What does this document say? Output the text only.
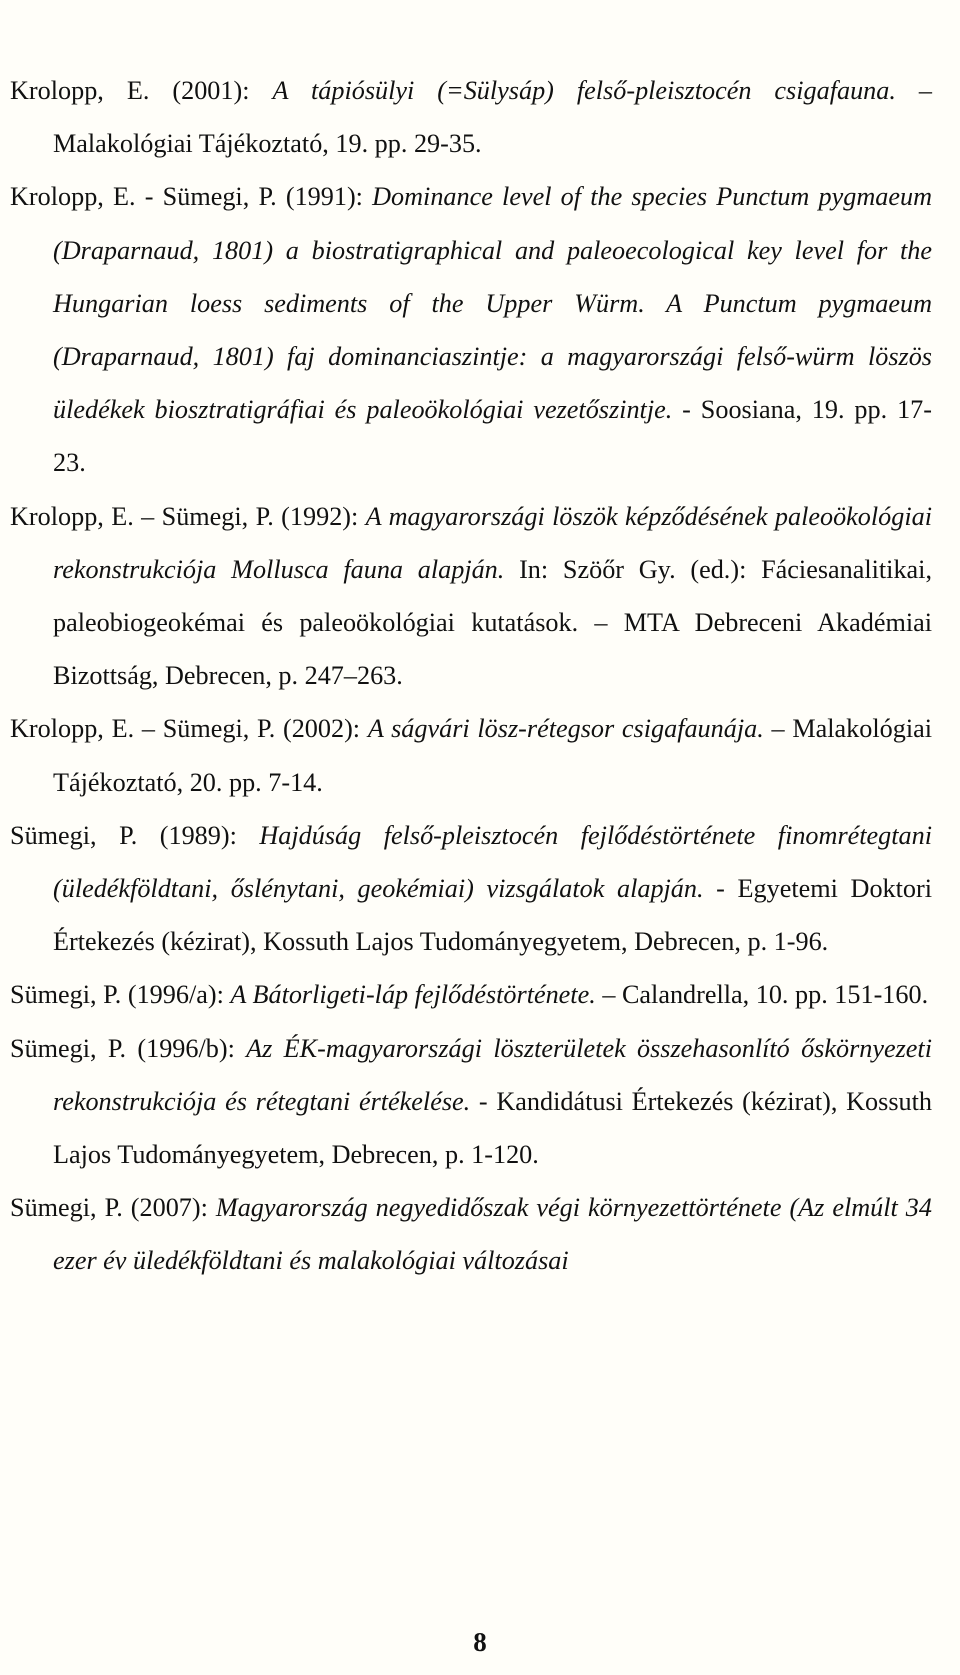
Krolopp, E. (2001): A tápiósülyi (=Sülysáp) felső-pleisztocén csigafauna. – Malakológiai Tájékoztató, 19. pp. 29-35.

Krolopp, E. - Sümegi, P. (1991): Dominance level of the species Punctum pygmaeum (Draparnaud, 1801) a biostratigraphical and paleoecological key level for the Hungarian loess sediments of the Upper Würm. A Punctum pygmaeum (Draparnaud, 1801) faj dominanciaszintje: a magyarországi felső-würm löszös üledékek biosztratigráfiai és paleoökológiai vezetőszintje. - Soosiana, 19. pp. 17-23.

Krolopp, E. – Sümegi, P. (1992): A magyarországi löszök képződésének paleoökológiai rekonstrukciója Mollusca fauna alapján. In: Szöőr Gy. (ed.): Fáciesanalitikai, paleobiogeokémai és paleoökológiai kutatások. – MTA Debreceni Akadémiai Bizottság, Debrecen, p. 247–263.

Krolopp, E. – Sümegi, P. (2002): A ságvári lösz-rétegsor csigafaunája. – Malakológiai Tájékoztató, 20. pp. 7-14.

Sümegi, P. (1989): Hajdúság felső-pleisztocén fejlődéstörténete finomrétegtani (üledékföldtani, őslénytani, geokémiai) vizsgálatok alapján. - Egyetemi Doktori Értekezés (kézirat), Kossuth Lajos Tudományegyetem, Debrecen, p. 1-96.

Sümegi, P. (1996/a): A Bátorligeti-láp fejlődéstörténete. – Calandrella, 10. pp. 151-160.

Sümegi, P. (1996/b): Az ÉK-magyarországi löszterületek összehasonlító őskörnyezeti rekonstrukciója és rétegtani értékelése. - Kandidátusi Értekezés (kézirat), Kossuth Lajos Tudományegyetem, Debrecen, p. 1-120.

Sümegi, P. (2007): Magyarország negyedidőszak végi környezettörténete (Az elmúlt 34 ezer év üledékföldtani és malakológiai változásai

8
